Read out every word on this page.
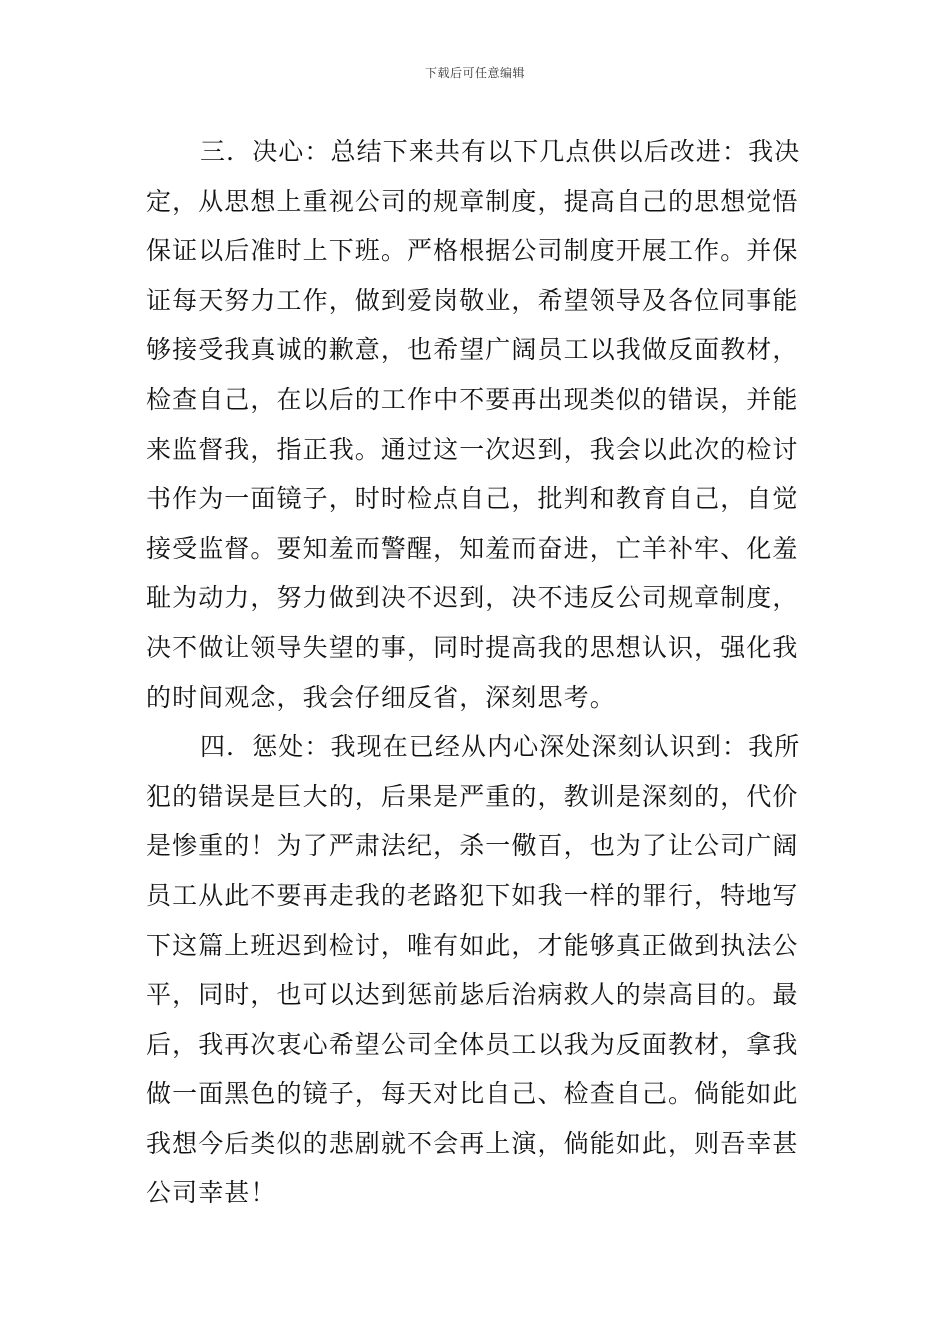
下载后可任意编辑
三．决心：总结下来共有以下几点供以后改进：我决
定，从思想上重视公司的规章制度，提高自己的思想觉悟
保证以后准时上下班。严格根据公司制度开展工作。并保
证每天努力工作，做到爱岗敬业，希望领导及各位同事能
够接受我真诚的歉意，也希望广阔员工以我做反面教材，
检查自己，在以后的工作中不要再出现类似的错误，并能
来监督我，指正我。通过这一次迟到，我会以此次的检讨
书作为一面镜子，时时检点自己，批判和教育自己，自觉
接受监督。要知羞而警醒，知羞而奋进，亡羊补牢、化羞
耻为动力，努力做到决不迟到，决不违反公司规章制度，
决不做让领导失望的事，同时提高我的思想认识，强化我
的时间观念，我会仔细反省，深刻思考。
四．惩处：我现在已经从内心深处深刻认识到：我所
犯的错误是巨大的，后果是严重的，教训是深刻的，代价
是惨重的！为了严肃法纪，杀一儆百，也为了让公司广阔
员工从此不要再走我的老路犯下如我一样的罪行，特地写
下这篇上班迟到检讨，唯有如此，才能够真正做到执法公
平，同时，也可以达到惩前毖后治病救人的崇高目的。最
后，我再次衷心希望公司全体员工以我为反面教材，拿我
做一面黑色的镜子，每天对比自己、检查自己。倘能如此
我想今后类似的悲剧就不会再上演，倘能如此，则吾幸甚
公司幸甚！
